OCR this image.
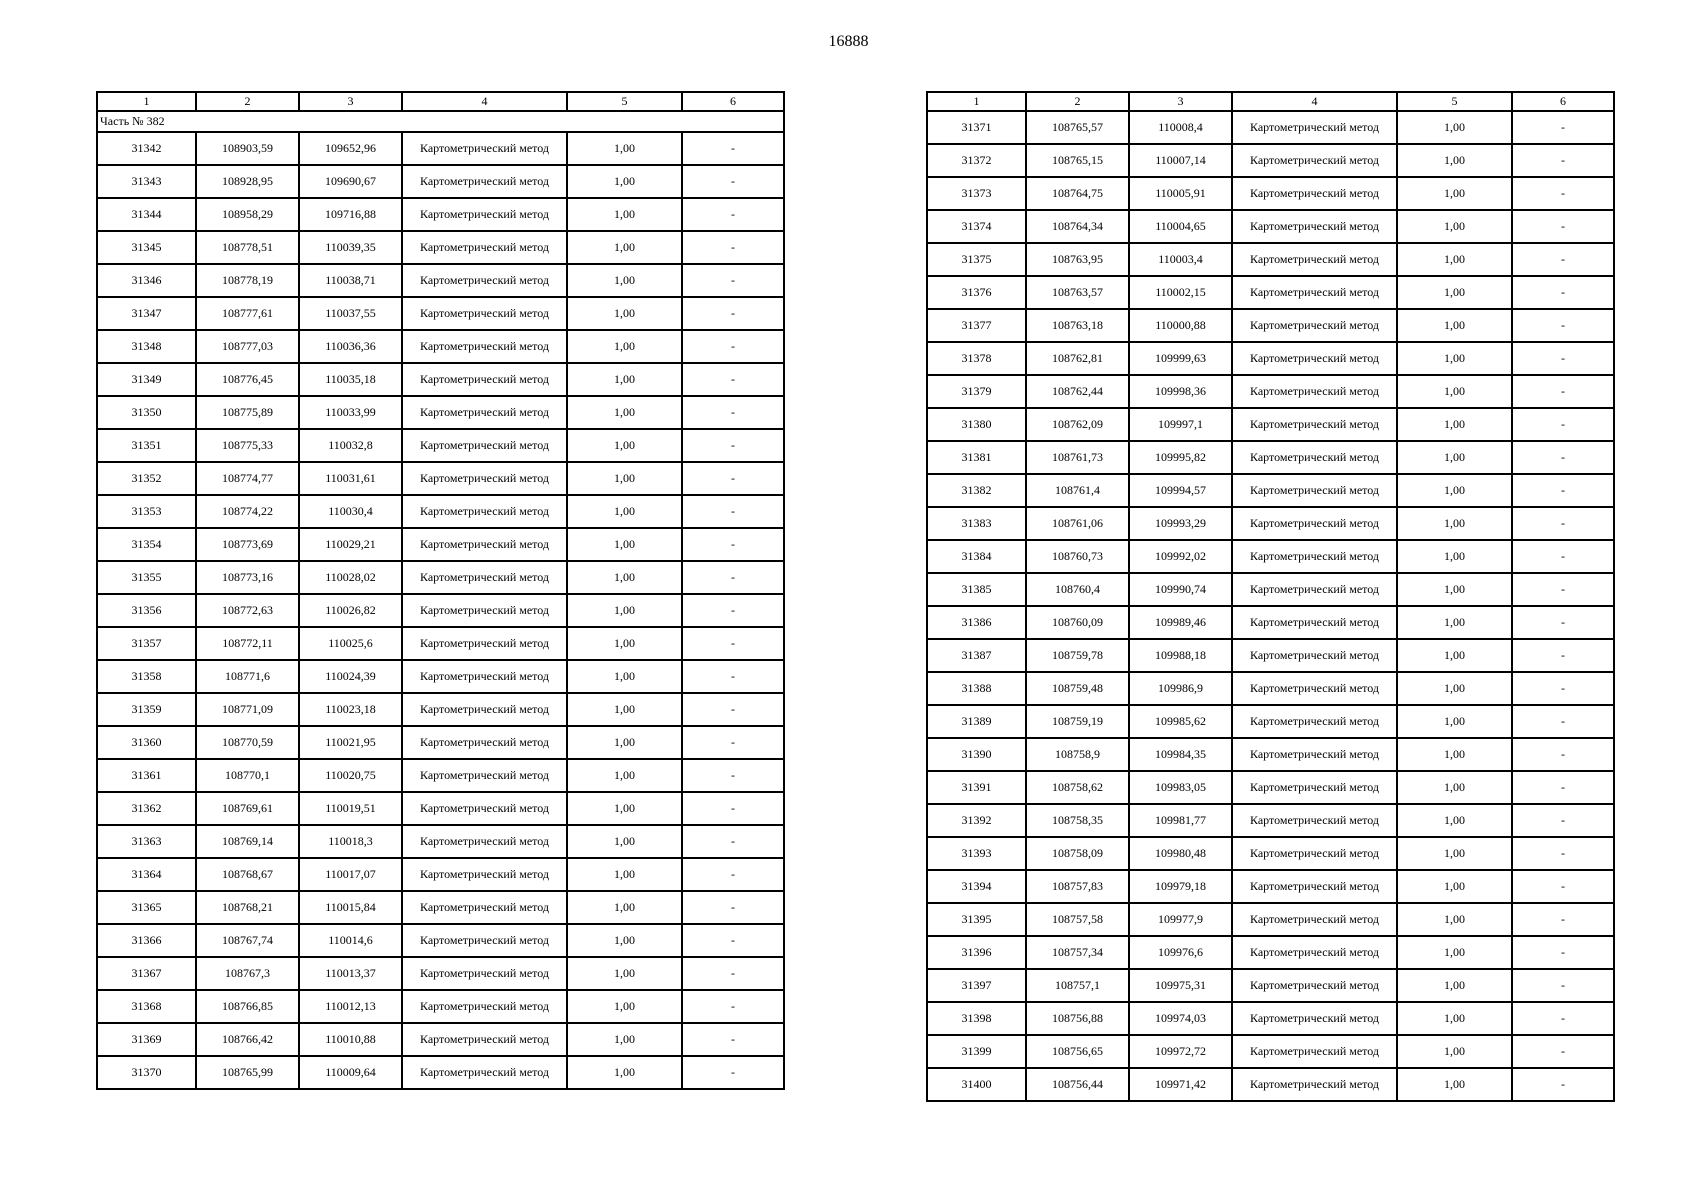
16888
1	2	3	4	5	6
Часть № 382					
31342	108903,59	109652,96	Картометрический метод	1,00	-
31343	108928,95	109690,67	Картометрический метод	1,00	-
31344	108958,29	109716,88	Картометрический метод	1,00	-
31345	108778,51	110039,35	Картометрический метод	1,00	-
31346	108778,19	110038,71	Картометрический метод	1,00	-
31347	108777,61	110037,55	Картометрический метод	1,00	-
31348	108777,03	110036,36	Картометрический метод	1,00	-
31349	108776,45	110035,18	Картометрический метод	1,00	-
31350	108775,89	110033,99	Картометрический метод	1,00	-
31351	108775,33	110032,8	Картометрический метод	1,00	-
31352	108774,77	110031,61	Картометрический метод	1,00	-
31353	108774,22	110030,4	Картометрический метод	1,00	-
31354	108773,69	110029,21	Картометрический метод	1,00	-
31355	108773,16	110028,02	Картометрический метод	1,00	-
31356	108772,63	110026,82	Картометрический метод	1,00	-
31357	108772,11	110025,6	Картометрический метод	1,00	-
31358	108771,6	110024,39	Картометрический метод	1,00	-
31359	108771,09	110023,18	Картометрический метод	1,00	-
31360	108770,59	110021,95	Картометрический метод	1,00	-
31361	108770,1	110020,75	Картометрический метод	1,00	-
31362	108769,61	110019,51	Картометрический метод	1,00	-
31363	108769,14	110018,3	Картометрический метод	1,00	-
31364	108768,67	110017,07	Картометрический метод	1,00	-
31365	108768,21	110015,84	Картометрический метод	1,00	-
31366	108767,74	110014,6	Картометрический метод	1,00	-
31367	108767,3	110013,37	Картометрический метод	1,00	-
31368	108766,85	110012,13	Картометрический метод	1,00	-
31369	108766,42	110010,88	Картометрический метод	1,00	-
31370	108765,99	110009,64	Картометрический метод	1,00	-
1	2	3	4	5	6
31371	108765,57	110008,4	Картометрический метод	1,00	-
31372	108765,15	110007,14	Картометрический метод	1,00	-
31373	108764,75	110005,91	Картометрический метод	1,00	-
31374	108764,34	110004,65	Картометрический метод	1,00	-
31375	108763,95	110003,4	Картометрический метод	1,00	-
31376	108763,57	110002,15	Картометрический метод	1,00	-
31377	108763,18	110000,88	Картометрический метод	1,00	-
31378	108762,81	109999,63	Картометрический метод	1,00	-
31379	108762,44	109998,36	Картометрический метод	1,00	-
31380	108762,09	109997,1	Картометрический метод	1,00	-
31381	108761,73	109995,82	Картометрический метод	1,00	-
31382	108761,4	109994,57	Картометрический метод	1,00	-
31383	108761,06	109993,29	Картометрический метод	1,00	-
31384	108760,73	109992,02	Картометрический метод	1,00	-
31385	108760,4	109990,74	Картометрический метод	1,00	-
31386	108760,09	109989,46	Картометрический метод	1,00	-
31387	108759,78	109988,18	Картометрический метод	1,00	-
31388	108759,48	109986,9	Картометрический метод	1,00	-
31389	108759,19	109985,62	Картометрический метод	1,00	-
31390	108758,9	109984,35	Картометрический метод	1,00	-
31391	108758,62	109983,05	Картометрический метод	1,00	-
31392	108758,35	109981,77	Картометрический метод	1,00	-
31393	108758,09	109980,48	Картометрический метод	1,00	-
31394	108757,83	109979,18	Картометрический метод	1,00	-
31395	108757,58	109977,9	Картометрический метод	1,00	-
31396	108757,34	109976,6	Картометрический метод	1,00	-
31397	108757,1	109975,31	Картометрический метод	1,00	-
31398	108756,88	109974,03	Картометрический метод	1,00	-
31399	108756,65	109972,72	Картометрический метод	1,00	-
31400	108756,44	109971,42	Картометрический метод	1,00	-
